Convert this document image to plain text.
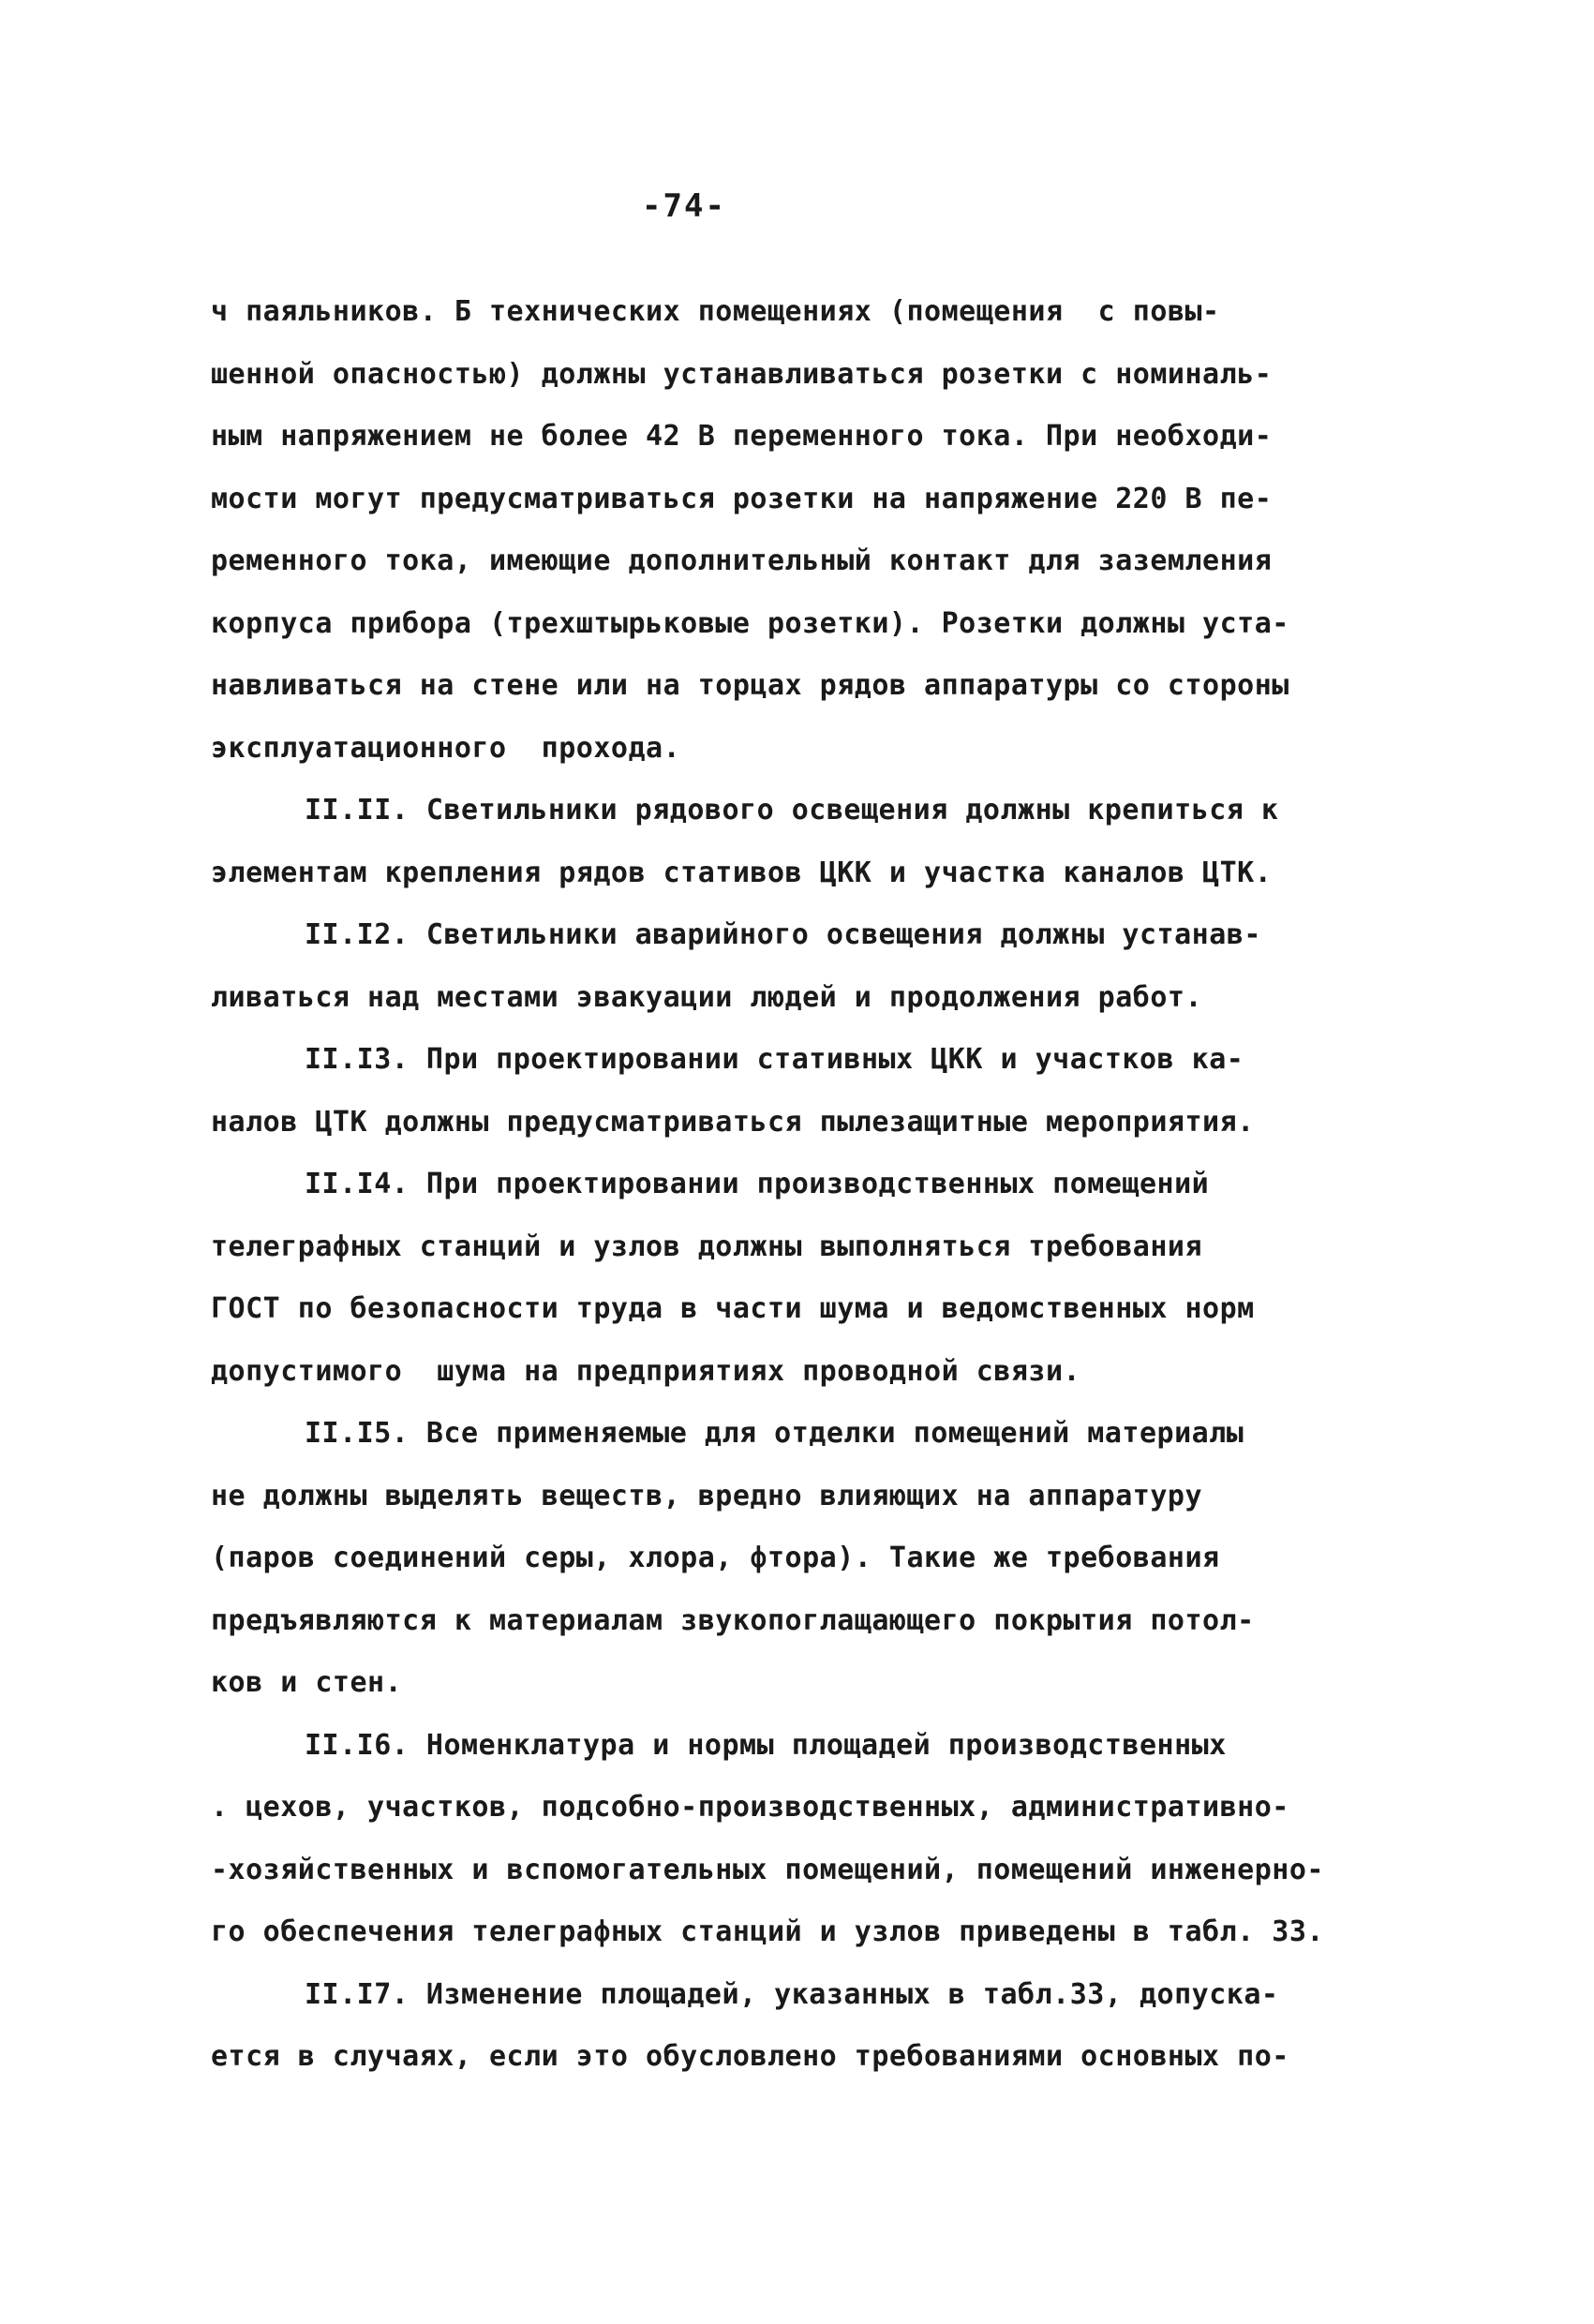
-74-
ч паяльников. Б технических помещениях (помещения  с повы-
шенной опасностью) должны устанавливаться розетки с номиналь-
ным напряжением не более 42 В переменного тока. При необходи-
мости могут предусматриваться розетки на напряжение 220 В пе-
ременного тока, имеющие дополнительный контакт для заземления
корпуса прибора (трехштырьковые розетки). Розетки должны уста-
навливаться на стене или на торцах рядов аппаратуры со стороны
эксплуатационного  прохода.
II.II. Светильники рядового освещения должны крепиться к
элементам крепления рядов стативов ЦКК и участка каналов ЦТК.
II.I2. Светильники аварийного освещения должны устанав-
ливаться над местами эвакуации людей и продолжения работ.
II.I3. При проектировании стативных ЦКК и участков ка-
налов ЦТК должны предусматриваться пылезащитные мероприятия.
II.I4. При проектировании производственных помещений
телеграфных станций и узлов должны выполняться требования
ГОСТ по безопасности труда в части шума и ведомственных норм
допустимого  шума на предприятиях проводной связи.
II.I5. Все применяемые для отделки помещений материалы
не должны выделять веществ, вредно влияющих на аппаратуру
(паров соединений серы, хлора, фтора). Такие же требования
предъявляются к материалам звукопоглащающего покрытия потол-
ков и стен.
II.I6. Номенклатура и нормы площадей производственных
. цехов, участков, подсобно-производственных, административно-
-хозяйственных и вспомогательных помещений, помещений инженерно-
го обеспечения телеграфных станций и узлов приведены в табл. 33.
II.I7. Изменение площадей, указанных в табл.33, допуска-
ется в случаях, если это обусловлено требованиями основных по-
